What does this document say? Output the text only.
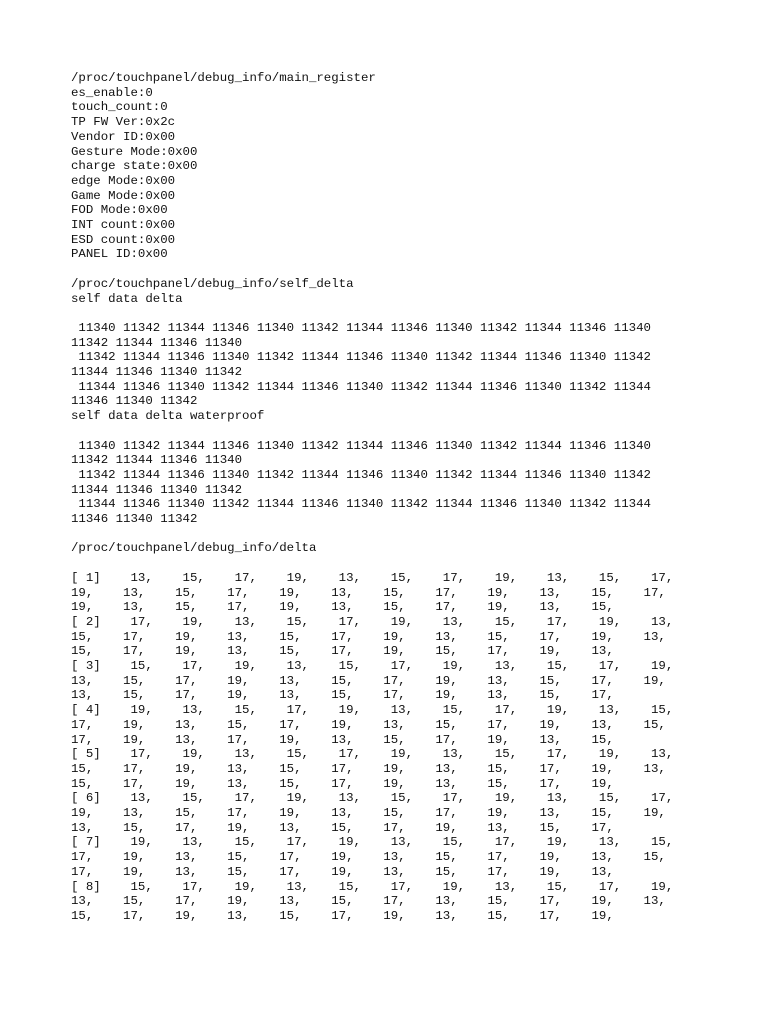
/proc/touchpanel/debug_info/main_register
es_enable:0
touch_count:0
TP FW Ver:0x2c
Vendor ID:0x00
Gesture Mode:0x00
charge state:0x00
edge Mode:0x00
Game Mode:0x00
FOD Mode:0x00
INT count:0x00
ESD count:0x00
PANEL ID:0x00
/proc/touchpanel/debug_info/self_delta
self data delta
11340 11342 11344 11346 11340 11342 11344 11346 11340 11342 11344 11346 11340
11342 11344 11346 11340
11342 11344 11346 11340 11342 11344 11346 11340 11342 11344 11346 11340 11342
11344 11346 11340 11342
11344 11346 11340 11342 11344 11346 11340 11342 11344 11346 11340 11342 11344
11346 11340 11342
self data delta waterproof
11340 11342 11344 11346 11340 11342 11344 11346 11340 11342 11344 11346 11340
11342 11344 11346 11340
11342 11344 11346 11340 11342 11344 11346 11340 11342 11344 11346 11340 11342
11344 11346 11340 11342
11344 11346 11340 11342 11344 11346 11340 11342 11344 11346 11340 11342 11344
11346 11340 11342
/proc/touchpanel/debug_info/delta
[ 1]    13,    15,    17,    19,    13,    15,    17,    19,    13,    15,    17,
19,    13,    15,    17,    19,    13,    15,    17,    19,    13,    15,    17,
19,    13,    15,    17,    19,    13,    15,    17,    19,    13,    15,
[ 2]    17,    19,    13,    15,    17,    19,    13,    15,    17,    19,    13,
15,    17,    19,    13,    15,    17,    19,    13,    15,    17,    19,    13,
15,    17,    19,    13,    15,    17,    19,    15,    17,    19,    13,
[ 3]    15,    17,    19,    13,    15,    17,    19,    13,    15,    17,    19,
13,    15,    17,    19,    13,    15,    17,    19,    13,    15,    17,    19,
13,    15,    17,    19,    13,    15,    17,    19,    13,    15,    17,
[ 4]    19,    13,    15,    17,    19,    13,    15,    17,    19,    13,    15,
17,    19,    13,    15,    17,    19,    13,    15,    17,    19,    13,    15,
17,    19,    13,    17,    19,    13,    15,    17,    19,    13,    15,
[ 5]    17,    19,    13,    15,    17,    19,    13,    15,    17,    19,    13,
15,    17,    19,    13,    15,    17,    19,    13,    15,    17,    19,    13,
15,    17,    19,    13,    15,    17,    19,    13,    15,    17,    19,
[ 6]    13,    15,    17,    19,    13,    15,    17,    19,    13,    15,    17,
19,    13,    15,    17,    19,    13,    15,    17,    19,    13,    15,    19,
13,    15,    17,    19,    13,    15,    17,    19,    13,    15,    17,
[ 7]    19,    13,    15,    17,    19,    13,    15,    17,    19,    13,    15,
17,    19,    13,    15,    17,    19,    13,    15,    17,    19,    13,    15,
17,    19,    13,    15,    17,    19,    13,    15,    17,    19,    13,
[ 8]    15,    17,    19,    13,    15,    17,    19,    13,    15,    17,    19,
13,    15,    17,    19,    13,    15,    17,    13,    15,    17,    19,    13,
15,    17,    19,    13,    15,    17,    19,    13,    15,    17,    19,
